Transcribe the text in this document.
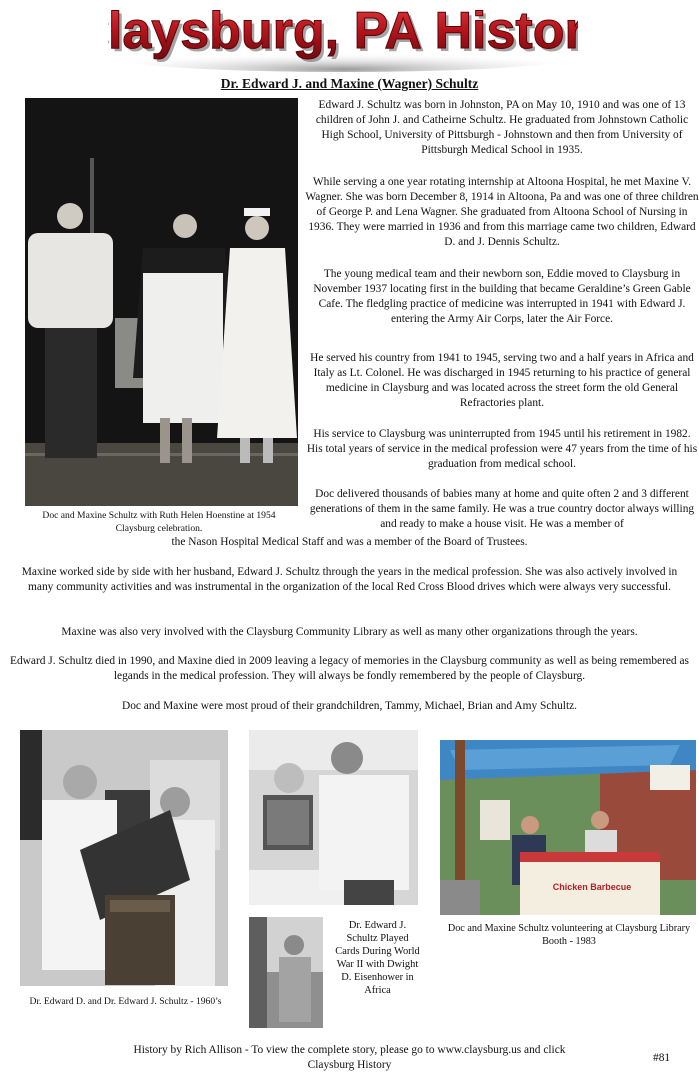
laysburg, PA Histor
laysburg, PA Histor
Dr. Edward J. and Maxine (Wagner) Schultz
Doc and Maxine Schultz with Ruth Helen Hoenstine at 1954 Claysburg celebration.

Edward J. Schultz was born in Johnston, PA on May 10, 1910 and was one of 13 children of John J. and Catheirne Schultz. He graduated from Johnstown Catholic High School, University of Pittsburgh - Johnstown and then from University of Pittsburgh Medical School in 1935.

While serving a one year rotating internship at Altoona Hospital, he met Maxine V. Wagner. She was born December 8, 1914 in Altoona, Pa and was one of three children of George P. and Lena Wagner. She graduated from Altoona School of Nursing in 1936. They were married in 1936 and from this marriage came two children, Edward D. and J. Dennis Schultz.

The young medical team and their newborn son, Eddie moved to Claysburg in November 1937 locating first in the building that became Geraldine’s Green Gable Cafe. The fledgling practice of medicine was interrupted in 1941 with Edward J. entering the Army Air Corps, later the Air Force.

He served his country from 1941 to 1945, serving two and a half years in Africa and Italy as Lt. Colonel. He was discharged in 1945 returning to his practice of general medicine in Claysburg and was located across the street form the old General Refractories plant.

His service to Claysburg was uninterrupted from 1945 until his retirement in 1982. His total years of service in the medical profession were 47 years from the time of his graduation from medical school.

Doc delivered thousands of babies many at home and quite often 2 and 3 different generations of them in the same family. He was a true country doctor always willing and ready to make a house visit. He was a member of

the Nason Hospital Medical Staff and was a member of the Board of Trustees.

Maxine worked side by side with her husband, Edward J. Schultz through the years in the medical profession. She was also actively involved in many community activities and was instrumental in the organization of the local Red Cross Blood drives which were always very successful.

Maxine was also very involved with the Claysburg Community Library as well as many other organizations through the years.

Edward J. Schultz died in 1990, and Maxine died in 2009 leaving a legacy of memories in the Claysburg community as well as being remembered as legands in the medical profession. They will always be fondly remembered by the people of Claysburg.

Doc and Maxine were most proud of their grandchildren, Tammy, Michael, Brian and Amy Schultz.

Dr. Edward D. and Dr. Edward J. Schultz - 1960’s
Dr. Edward J. Schultz Played Cards During World War II with Dwight D. Eisenhower in Africa
Chicken Barbecue
Doc and Maxine Schultz volunteering at Claysburg Library Booth - 1983
History by Rich Allison - To view the complete story, please go to www.claysburg.us and click Claysburg History
#81
